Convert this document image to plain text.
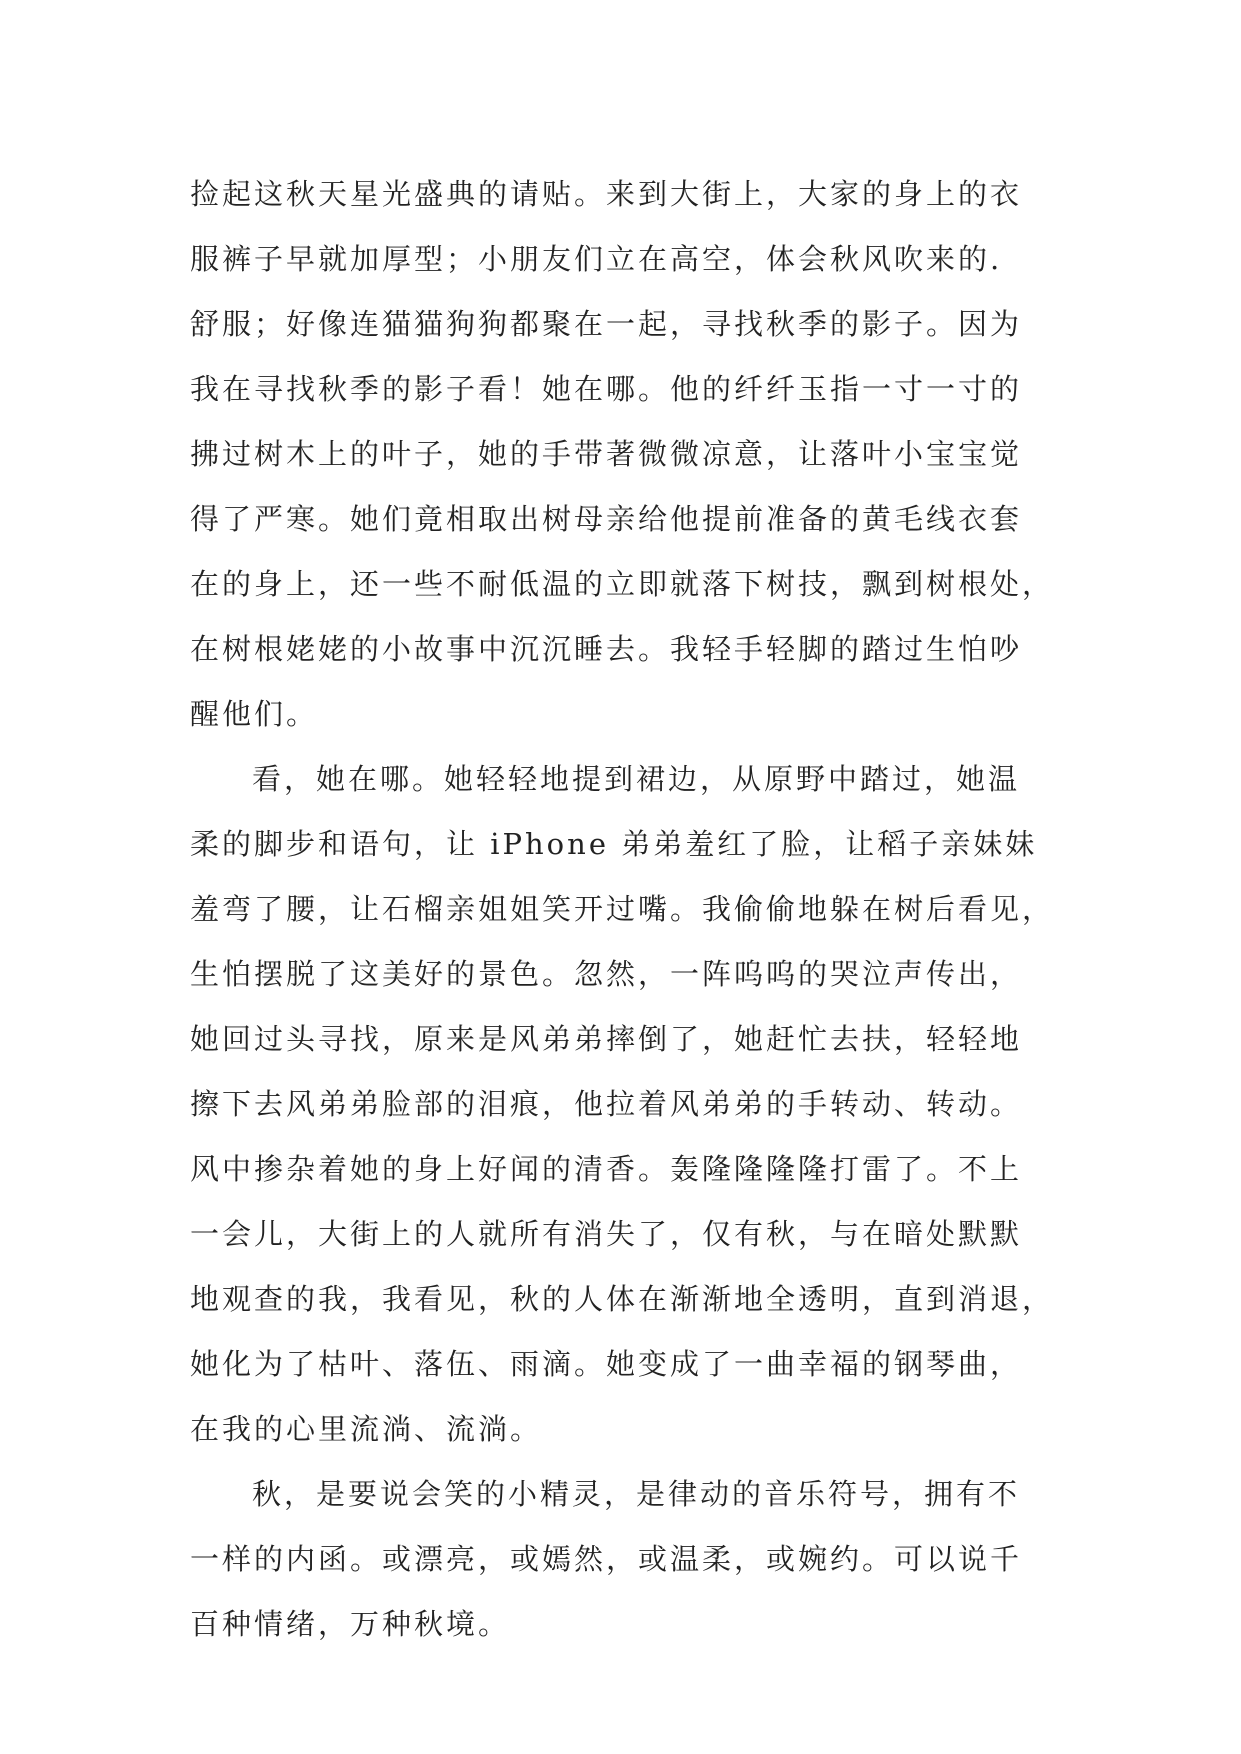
捡起这秋天星光盛典的请贴。来到大街上，大家的身上的衣
服裤子早就加厚型；小朋友们立在高空，体会秋风吹来的.
舒服；好像连猫猫狗狗都聚在一起，寻找秋季的影子。因为
我在寻找秋季的影子看！她在哪。他的纤纤玉指一寸一寸的
拂过树木上的叶子，她的手带著微微凉意，让落叶小宝宝觉
得了严寒。她们竟相取出树母亲给他提前准备的黄毛线衣套
在的身上，还一些不耐低温的立即就落下树技，飘到树根处，
在树根姥姥的小故事中沉沉睡去。我轻手轻脚的踏过生怕吵
醒他们。
看，她在哪。她轻轻地提到裙边，从原野中踏过，她温
柔的脚步和语句，让 iPhone 弟弟羞红了脸，让稻子亲妹妹
羞弯了腰，让石榴亲姐姐笑开过嘴。我偷偷地躲在树后看见，
生怕摆脱了这美好的景色。忽然，一阵呜呜的哭泣声传出，
她回过头寻找，原来是风弟弟摔倒了，她赶忙去扶，轻轻地
擦下去风弟弟脸部的泪痕，他拉着风弟弟的手转动、转动。
风中掺杂着她的身上好闻的清香。轰隆隆隆隆打雷了。不上
一会儿，大街上的人就所有消失了，仅有秋，与在暗处默默
地观查的我，我看见，秋的人体在渐渐地全透明，直到消退，
她化为了枯叶、落伍、雨滴。她变成了一曲幸福的钢琴曲，
在我的心里流淌、流淌。
秋，是要说会笑的小精灵，是律动的音乐符号，拥有不
一样的内函。或漂亮，或嫣然，或温柔，或婉约。可以说千
百种情绪，万种秋境。
